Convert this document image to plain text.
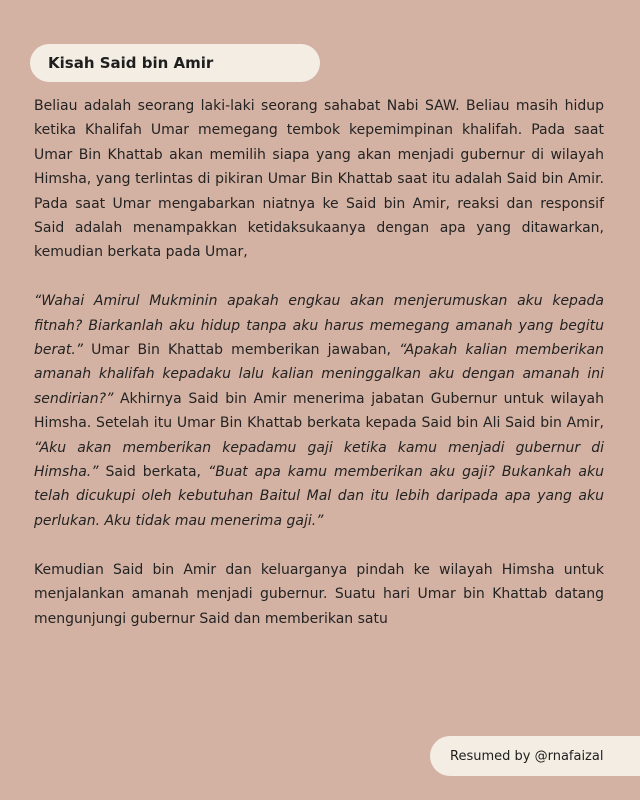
Kisah Said bin Amir

Beliau adalah seorang laki-laki seorang sahabat Nabi SAW. Beliau masih hidup ketika Khalifah Umar memegang tembok kepemimpinan khalifah. Pada saat Umar Bin Khattab akan memilih siapa yang akan menjadi gubernur di wilayah Himsha, yang terlintas di pikiran Umar Bin Khattab saat itu adalah Said bin Amir. Pada saat Umar mengabarkan niatnya ke Said bin Amir, reaksi dan responsif Said adalah menampakkan ketidaksukaanya dengan apa yang ditawarkan, kemudian berkata pada Umar,

“Wahai Amirul Mukminin apakah engkau akan menjerumuskan aku kepada fitnah? Biarkanlah aku hidup tanpa aku harus memegang amanah yang begitu berat.” Umar Bin Khattab memberikan jawaban, “Apakah kalian memberikan amanah khalifah kepadaku lalu kalian meninggalkan aku dengan amanah ini sendirian?” Akhirnya Said bin Amir menerima jabatan Gubernur untuk wilayah Himsha. Setelah itu Umar Bin Khattab berkata kepada Said bin Ali Said bin Amir, “Aku akan memberikan kepadamu gaji ketika kamu menjadi gubernur di Himsha.” Said berkata, “Buat apa kamu memberikan aku gaji? Bukankah aku telah dicukupi oleh kebutuhan Baitul Mal dan itu lebih daripada apa yang aku perlukan. Aku tidak mau menerima gaji.”

Kemudian Said bin Amir dan keluarganya pindah ke wilayah Himsha untuk menjalankan amanah menjadi gubernur. Suatu hari Umar bin Khattab datang mengunjungi gubernur Said dan memberikan satu

Resumed by @rnafaizal
